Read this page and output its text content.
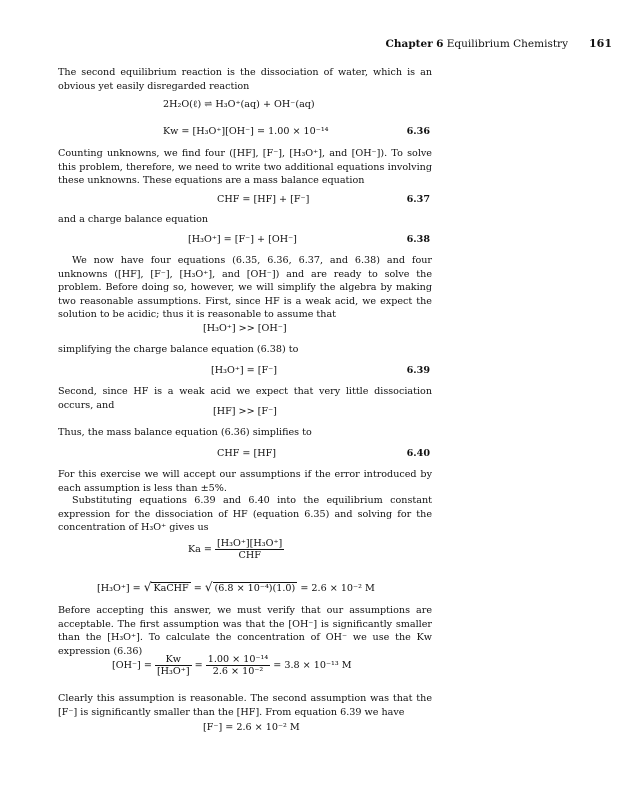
Chapter 6 Equilibrium Chemistry 161
The second equilibrium reaction is the dissociation of water, which is an obvious yet easily disregarded reaction
2H₂O(ℓ) ⇌ H₃O⁺(aq) + OH⁻(aq)
Kw = [H₃O⁺][OH⁻] = 1.00 × 10⁻¹⁴	6.36
Counting unknowns, we find four ([HF], [F⁻], [H₃O⁺], and [OH⁻]). To solve this problem, therefore, we need to write two additional equations involving these unknowns. These equations are a mass balance equation
CHF = [HF] + [F⁻]	6.37
and a charge balance equation
[H₃O⁺] = [F⁻] + [OH⁻]	6.38
We now have four equations (6.35, 6.36, 6.37, and 6.38) and four unknowns ([HF], [F⁻], [H₃O⁺], and [OH⁻]) and are ready to solve the problem. Before doing so, however, we will simplify the algebra by making two reasonable assumptions. First, since HF is a weak acid, we expect the solution to be acidic; thus it is reasonable to assume that
[H₃O⁺] >> [OH⁻]
simplifying the charge balance equation (6.38) to
[H₃O⁺] = [F⁻]	6.39
Second, since HF is a weak acid we expect that very little dissociation occurs, and
[HF] >> [F⁻]
Thus, the mass balance equation (6.36) simplifies to
CHF = [HF]	6.40
For this exercise we will accept our assumptions if the error introduced by each assumption is less than ±5%.
Substituting equations 6.39 and 6.40 into the equilibrium constant expression for the dissociation of HF (equation 6.35) and solving for the concentration of H₃O⁺ gives us
$Ka = \frac{\text{[H₃O⁺][H₃O⁺]}}{\text{CHF}}$
[H₃O⁺] = √ KaCHF = √ (6.8 × 10⁻⁴)(1.0) = 2.6 × 10⁻² M
Before accepting this answer, we must verify that our assumptions are acceptable. The first assumption was that the [OH⁻] is significantly smaller than the [H₃O⁺]. To calculate the concentration of OH⁻ we use the Kw expression (6.36)
$[OH^-] = \frac{Kw}{\text{[H₃O⁺]}} = \frac{\text{1.00 × 10⁻¹⁴}}{\text{2.6 × 10⁻²}} = 3.8 \times 10^{-13}$ M
Clearly this assumption is reasonable. The second assumption was that the [F⁻] is significantly smaller than the [HF]. From equation 6.39 we have
[F⁻] = 2.6 × 10⁻² M
